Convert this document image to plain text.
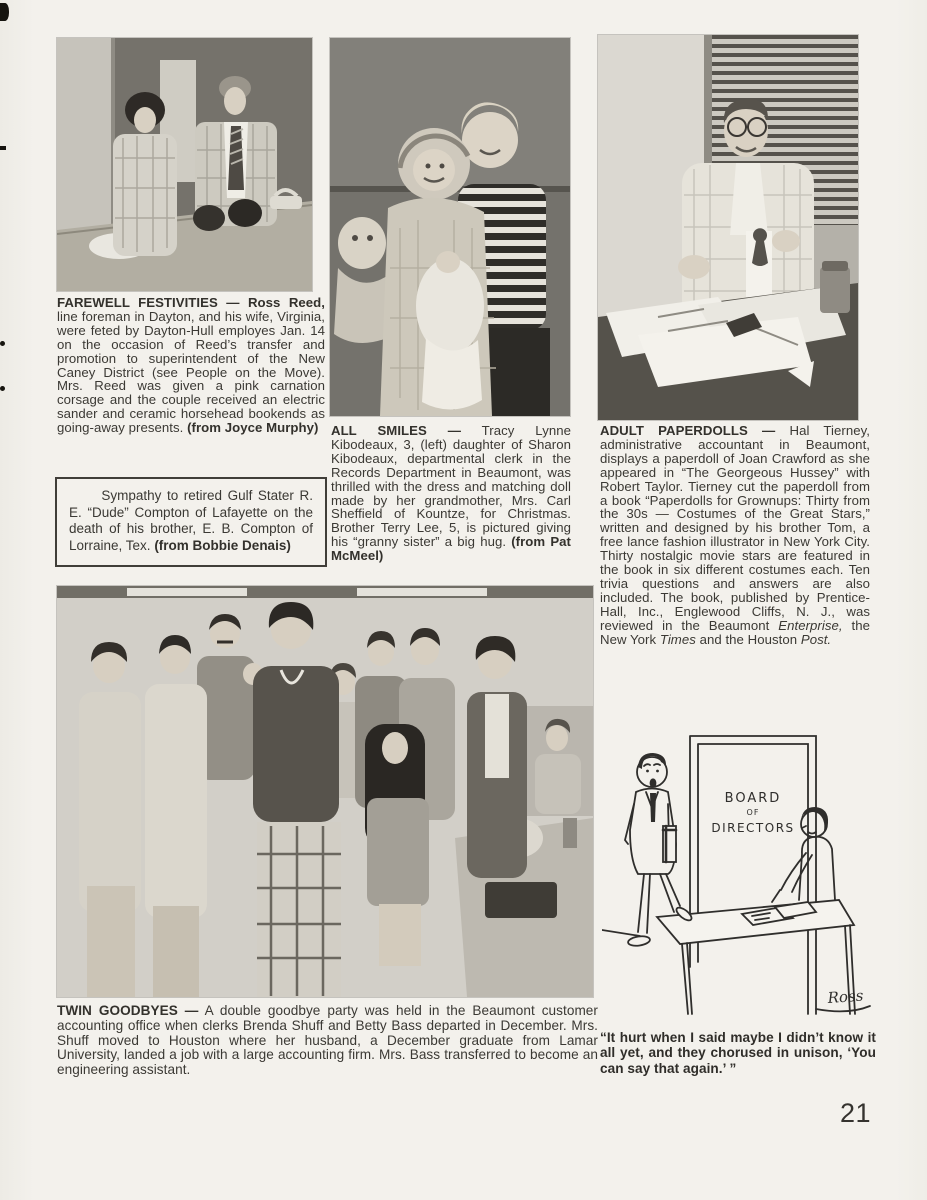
FAREWELL FESTIVITIES — Ross Reed, line foreman in Dayton, and his wife, Virginia, were feted by Dayton-Hull employes Jan. 14 on the occasion of Reed’s transfer and promotion to superintendent of the New Caney District (see People on the Move). Mrs. Reed was given a pink carnation corsage and the couple received an electric sander and ceramic horsehead bookends as going-away presents. (from Joyce Murphy)

Sympathy to retired Gulf Stater R. E. “Dude” Compton of Lafayette on the death of his brother, E. B. Compton of Lorraine, Tex. (from Bobbie Denais)

ALL SMILES — Tracy Lynne Kibodeaux, 3, (left) daughter of Sharon Kibodeaux, departmental clerk in the Records Department in Beaumont, was thrilled with the dress and matching doll made by her grandmother, Mrs. Carl Sheffield of Kountze, for Christmas. Brother Terry Lee, 5, is pictured giving his “granny sister” a big hug. (from Pat McMeel)
ADULT PAPERDOLLS — Hal Tierney, administrative accountant in Beaumont, displays a paperdoll of Joan Crawford as she appeared in “The Georgeous Hussey” with Robert Taylor. Tierney cut the paperdoll from a book “Paperdolls for Grownups: Thirty from the 30s — Costumes of the Great Stars,” written and designed by his brother Tom, a free lance fashion illustrator in New York City. Thirty nostalgic movie stars are featured in the book in six different costumes each. Ten trivia questions and answers are also included. The book, published by Prentice-Hall, Inc., Englewood Cliffs, N. J., was reviewed in the Beaumont Enterprise, the New York Times and the Houston Post.
TWIN GOODBYES — A double goodbye party was held in the Beaumont customer accounting office when clerks Brenda Shuff and Betty Bass departed in December. Mrs. Shuff moved to Houston where her husband, a December graduate from Lamar University, landed a job with a large accounting firm. Mrs. Bass transferred to become an engineering assistant.
BOARD
OF
DIRECTORS
Ross
“It hurt when I said maybe I didn’t know it all yet, and they chorused in unison, ‘You can say that again.’ ”
21
